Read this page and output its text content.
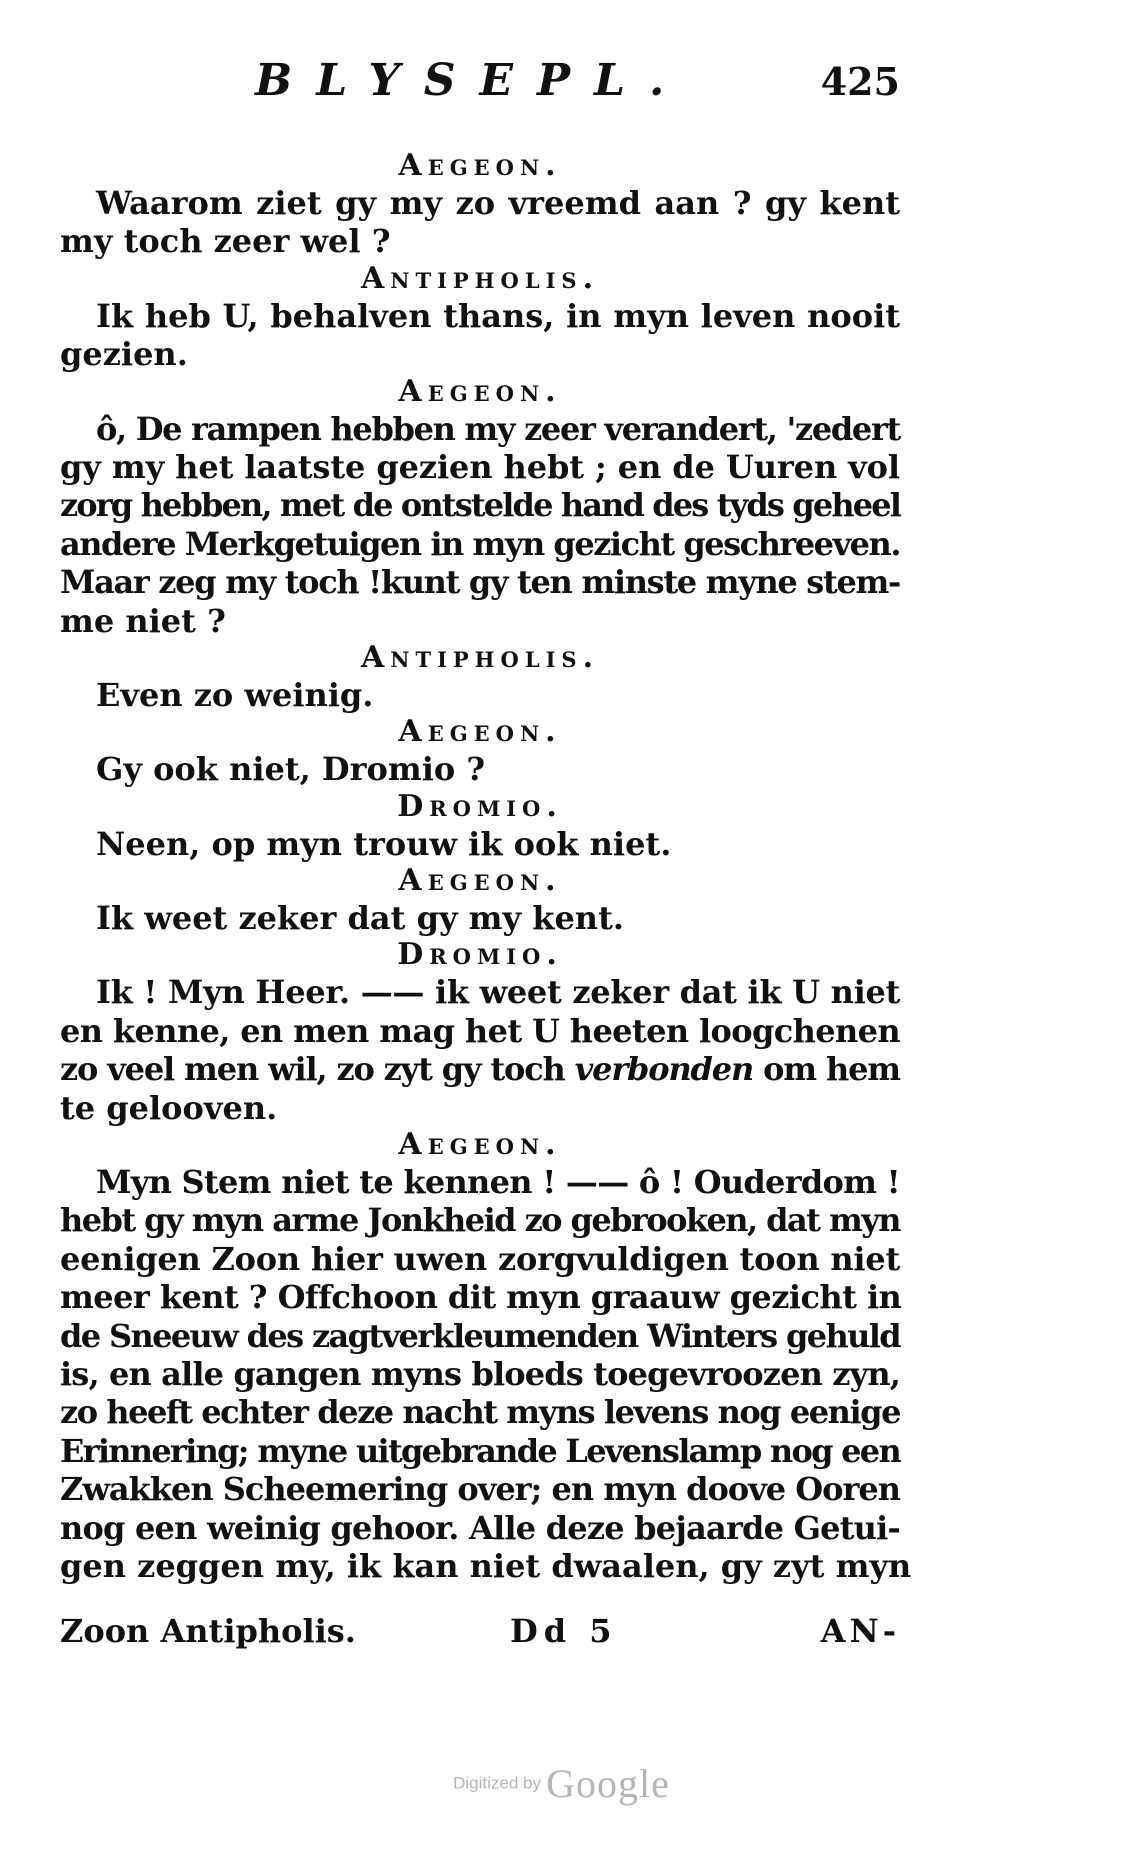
BLYSEPL.	425
Aegeon.
Waarom ziet gy my zo vreemd aan ? gy kent
my toch zeer wel ?
Antipholis.
Ik heb U, behalven thans, in myn leven nooit
gezien.
Aegeon.
ô, De rampen hebben my zeer verandert, 'zedert
gy my het laatste gezien hebt ; en de Uuren vol
zorg hebben, met de ontstelde hand des tyds geheel
andere Merkgetuigen in myn gezicht geschreeven.
Maar zeg my toch !kunt gy ten minste myne stem-
me niet ?
Antipholis.
Even zo weinig.
Aegeon.
Gy ook niet, Dromio ?
Dromio.
Neen, op myn trouw ik ook niet.
Aegeon.
Ik weet zeker dat gy my kent.
Dromio.
Ik ! Myn Heer. —— ik weet zeker dat ik U niet
en kenne, en men mag het U heeten loogchenen
zo veel men wil, zo zyt gy toch verbonden om hem
te gelooven.
Aegeon.
Myn Stem niet te kennen ! —— ô ! Ouderdom !
hebt gy myn arme Jonkheid zo gebrooken, dat myn
eenigen Zoon hier uwen zorgvuldigen toon niet
meer kent ? Offchoon dit myn graauw gezicht in
de Sneeuw des zagtverkleumenden Winters gehuld
is, en alle gangen myns bloeds toegevroozen zyn,
zo heeft echter deze nacht myns levens nog eenige
Erinnering; myne uitgebrande Levenslamp nog een
Zwakken Scheemering over; en myn doove Ooren
nog een weinig gehoor. Alle deze bejaarde Getui-
gen zeggen my, ik kan niet dwaalen, gy zyt myn
Zoon Antipholis.	Dd 5	AN-
Digitized by Google
